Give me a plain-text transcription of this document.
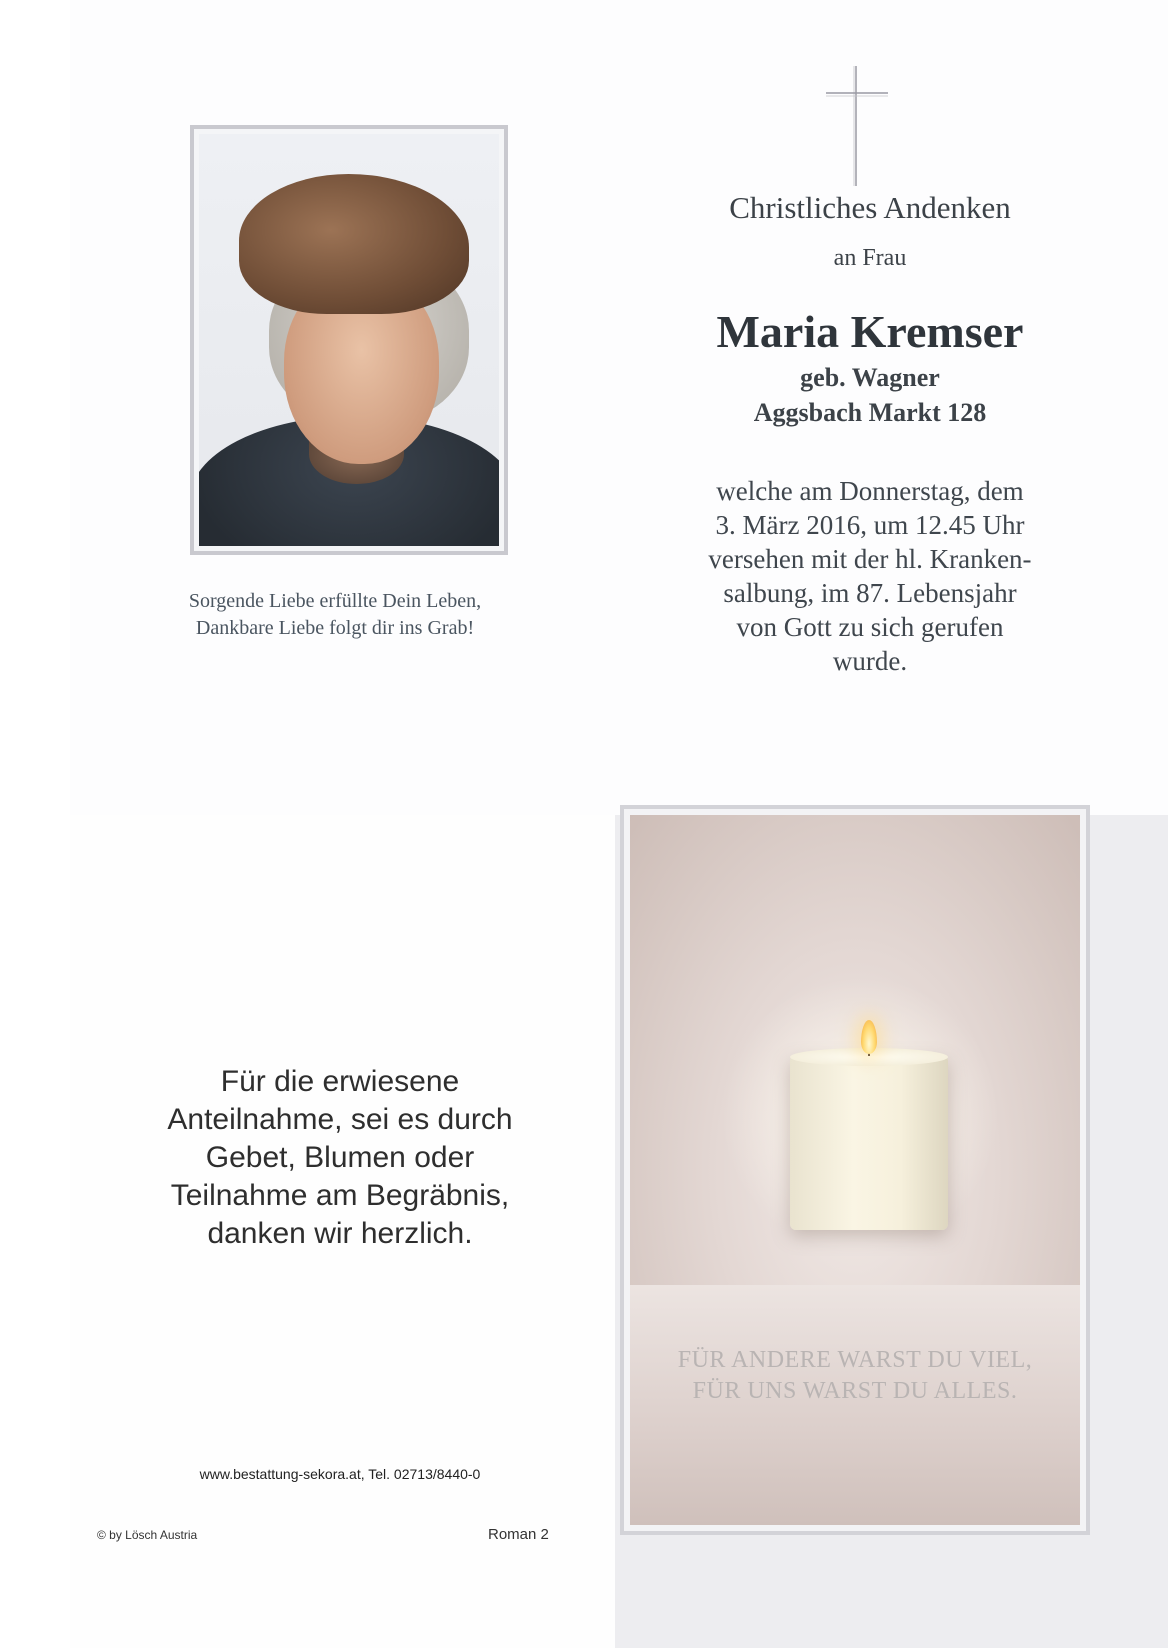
Sorgende Liebe erfüllte Dein Leben,
Dankbare Liebe folgt dir ins Grab!
Christliches Andenken
an Frau
Maria Kremser
geb. Wagner
Aggsbach Markt 128
welche am Donnerstag, dem
3. März 2016, um 12.45 Uhr
versehen mit der hl. Kranken-
salbung, im 87. Lebensjahr
von Gott zu sich gerufen
wurde.
Für die erwiesene
Anteilnahme, sei es durch
Gebet, Blumen oder
Teilnahme am Begräbnis,
danken wir herzlich.
www.bestattung-sekora.at, Tel. 02713/8440-0
© by Lösch Austria	Roman 2
FÜR ANDERE WARST DU VIEL,
FÜR UNS WARST DU ALLES.
